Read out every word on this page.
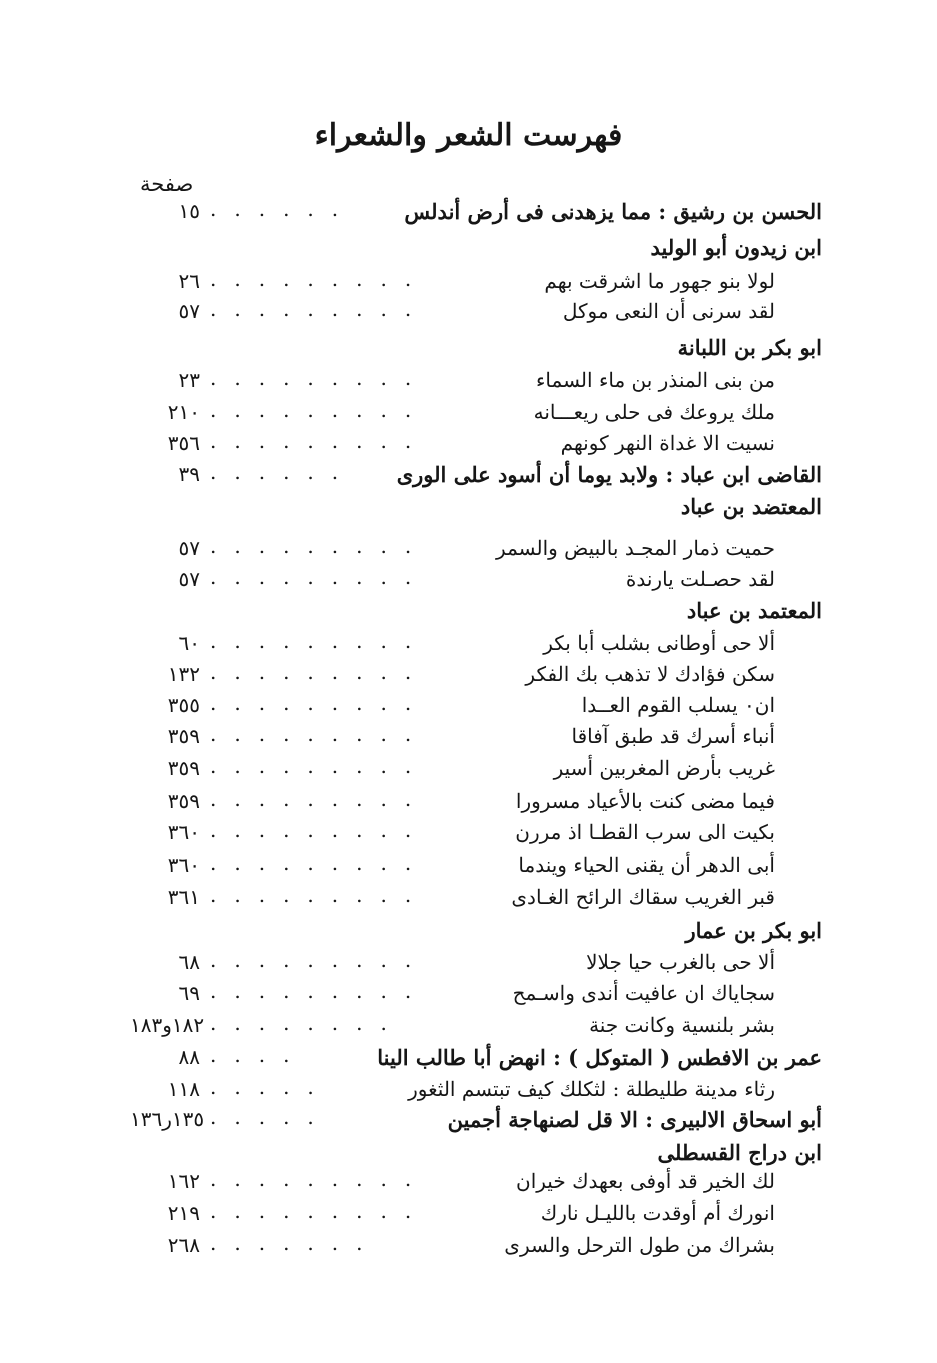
فهرست الشعر والشعراء
صفحة
الحسن بن رشيق : مما يزهدنى فى أرض أندلس
......
١٥
ابن زيدون أبو الوليد
لولا بنو جهور ما اشرقت بهم
.........
٢٦
لقد سرنى أن النعى موكل
.........
٥٧
ابو بكر بن اللبانة
من بنى المنذر بن ماء السماء
.........
٢٣
ملك يروعك فى حلى ريعـــانه
.........
٢١٠
نسيت الا غداة النهر كونهم
.........
٣٥٦
القاضى ابن عباد : ولابد يوما أن أسود على الورى
......
٣٩
المعتضد بن عباد
حميت ذمار المجـد بالبيض والسمر
.........
٥٧
لقد حصـلت يارندة
.........
٥٧
المعتمد بن عباد
ألا حى أوطانى بشلب أبا بكر
.........
٦٠
سكن فؤادك لا تذهب بك الفكر
.........
١٣٢
ان٠ يسلب القوم العــدا
.........
٣٥٥
أنباء أسرك قد طبق آفاقا
.........
٣٥٩
غريب بأرض المغربين أسير
.........
٣٥٩
فيما مضى كنت بالأعياد مسرورا
.........
٣٥٩
بكيت الى سرب القطـا اذ مررن
.........
٣٦٠
أبى الدهر أن يقنى الحياء ويندما
.........
٣٦٠
قبر الغريب سقاك الرائح الغـادى
.........
٣٦١
ابو بكر بن عمار
ألا حى بالغرب حيا جلالا
.........
٦٨
سجاياك ان عافيت أندى واسـمح
.........
٦٩
بشر بلنسية وكانت جنة
........
١٨٢و١٨٣
عمر بن الافطس ( المتوكل ) : انهض أبا طالب الينا
....
٨٨
رثاء مدينة طليطلة : لثكلك كيف تبتسم الثغور
.....
١١٨
أبو اسحاق الالبيرى : الا قل لصنهاجة أجمين
.....
١٣٥ر١٣٦
ابن دراج القسطلى
لك الخير قد أوفى بعهدك خيران
.........
١٦٢
انورك أم أوقدت بالليـل نارك
.........
٢١٩
بشراك من طول الترحل والسرى
.......
٢٦٨
